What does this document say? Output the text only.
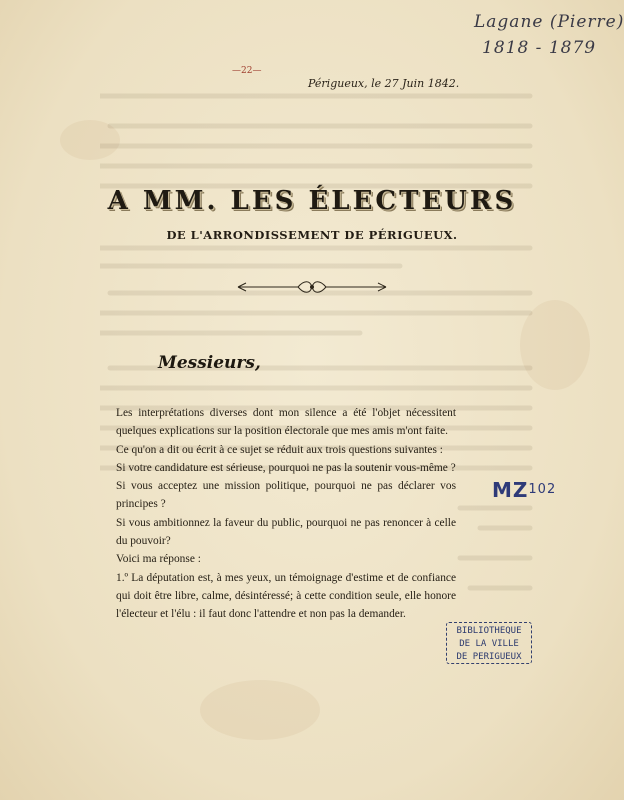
Lagane (Pierre)
1818 - 1879
—22—
Périgueux, le 27 Juin 1842.
A MM. LES ÉLECTEURS
DE L'ARRONDISSEMENT DE PÉRIGUEUX.
Messieurs,

Les interprétations diverses dont mon silence a été l'objet nécessitent quelques explications sur la position électorale que mes amis m'ont faite.

Ce qu'on a dit ou écrit à ce sujet se réduit aux trois questions suivantes :

Si votre candidature est sérieuse, pourquoi ne pas la soutenir vous-même ?

Si vous acceptez une mission politique, pourquoi ne pas déclarer vos principes ?

Si vous ambitionnez la faveur du public, pourquoi ne pas renoncer à celle du pouvoir?

Voici ma réponse :

1.º La députation est, à mes yeux, un témoignage d'estime et de confiance qui doit être libre, calme, désintéressé; à cette condition seule, elle honore l'électeur et l'élu : il faut donc l'attendre et non pas la demander.

MZ$^{102}$
BIBLIOTHEQUE
DE LA VILLE
DE PERIGUEUX
